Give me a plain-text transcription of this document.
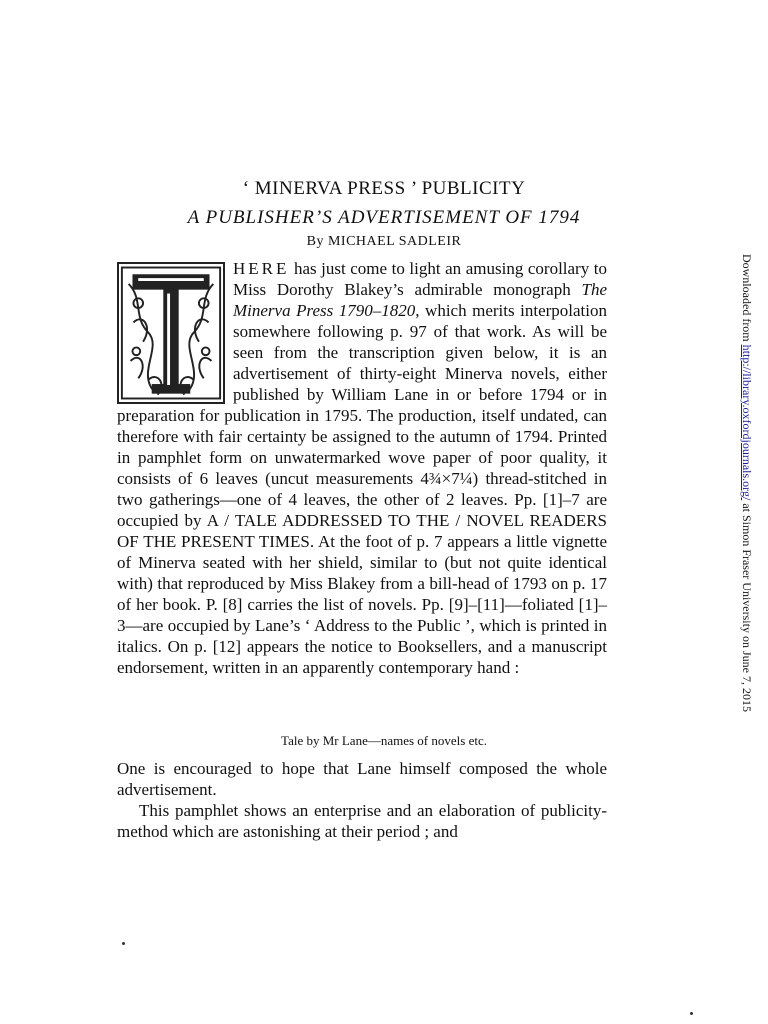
‘ MINERVA PRESS ’ PUBLICITY
A PUBLISHER’S ADVERTISEMENT OF 1794
By MICHAEL SADLEIR

HERE has just come to light an amusing corollary to Miss Dorothy Blakey’s admirable monograph The Minerva Press 1790–1820, which merits interpolation somewhere following p. 97 of that work. As will be seen from the transcription given below, it is an advertisement of thirty-eight Minerva novels, either published by William Lane in or before 1794 or in preparation for publication in 1795. The production, itself undated, can therefore with fair certainty be assigned to the autumn of 1794. Printed in pamphlet form on unwatermarked wove paper of poor quality, it consists of 6 leaves (uncut measurements 4¾×7¼) thread-stitched in two gatherings—one of 4 leaves, the other of 2 leaves. Pp. [1]–7 are occupied by A / TALE ADDRESSED TO THE / NOVEL READERS OF THE PRESENT TIMES. At the foot of p. 7 appears a little vignette of Minerva seated with her shield, similar to (but not quite identical with) that reproduced by Miss Blakey from a bill-head of 1793 on p. 17 of her book. P. [8] carries the list of novels. Pp. [9]–[11]—foliated [1]–3—are occupied by Lane’s ‘ Address to the Public ’, which is printed in italics. On p. [12] appears the notice to Booksellers, and a manuscript endorsement, written in an apparently contemporary hand :

Tale by Mr Lane—names of novels etc.

One is encouraged to hope that Lane himself composed the whole advertisement.

This pamphlet shows an enterprise and an elaboration of publicity-method which are astonishing at their period ; and

Downloaded from http://library.oxfordjournals.org/ at Simon Fraser University on June 7, 2015
